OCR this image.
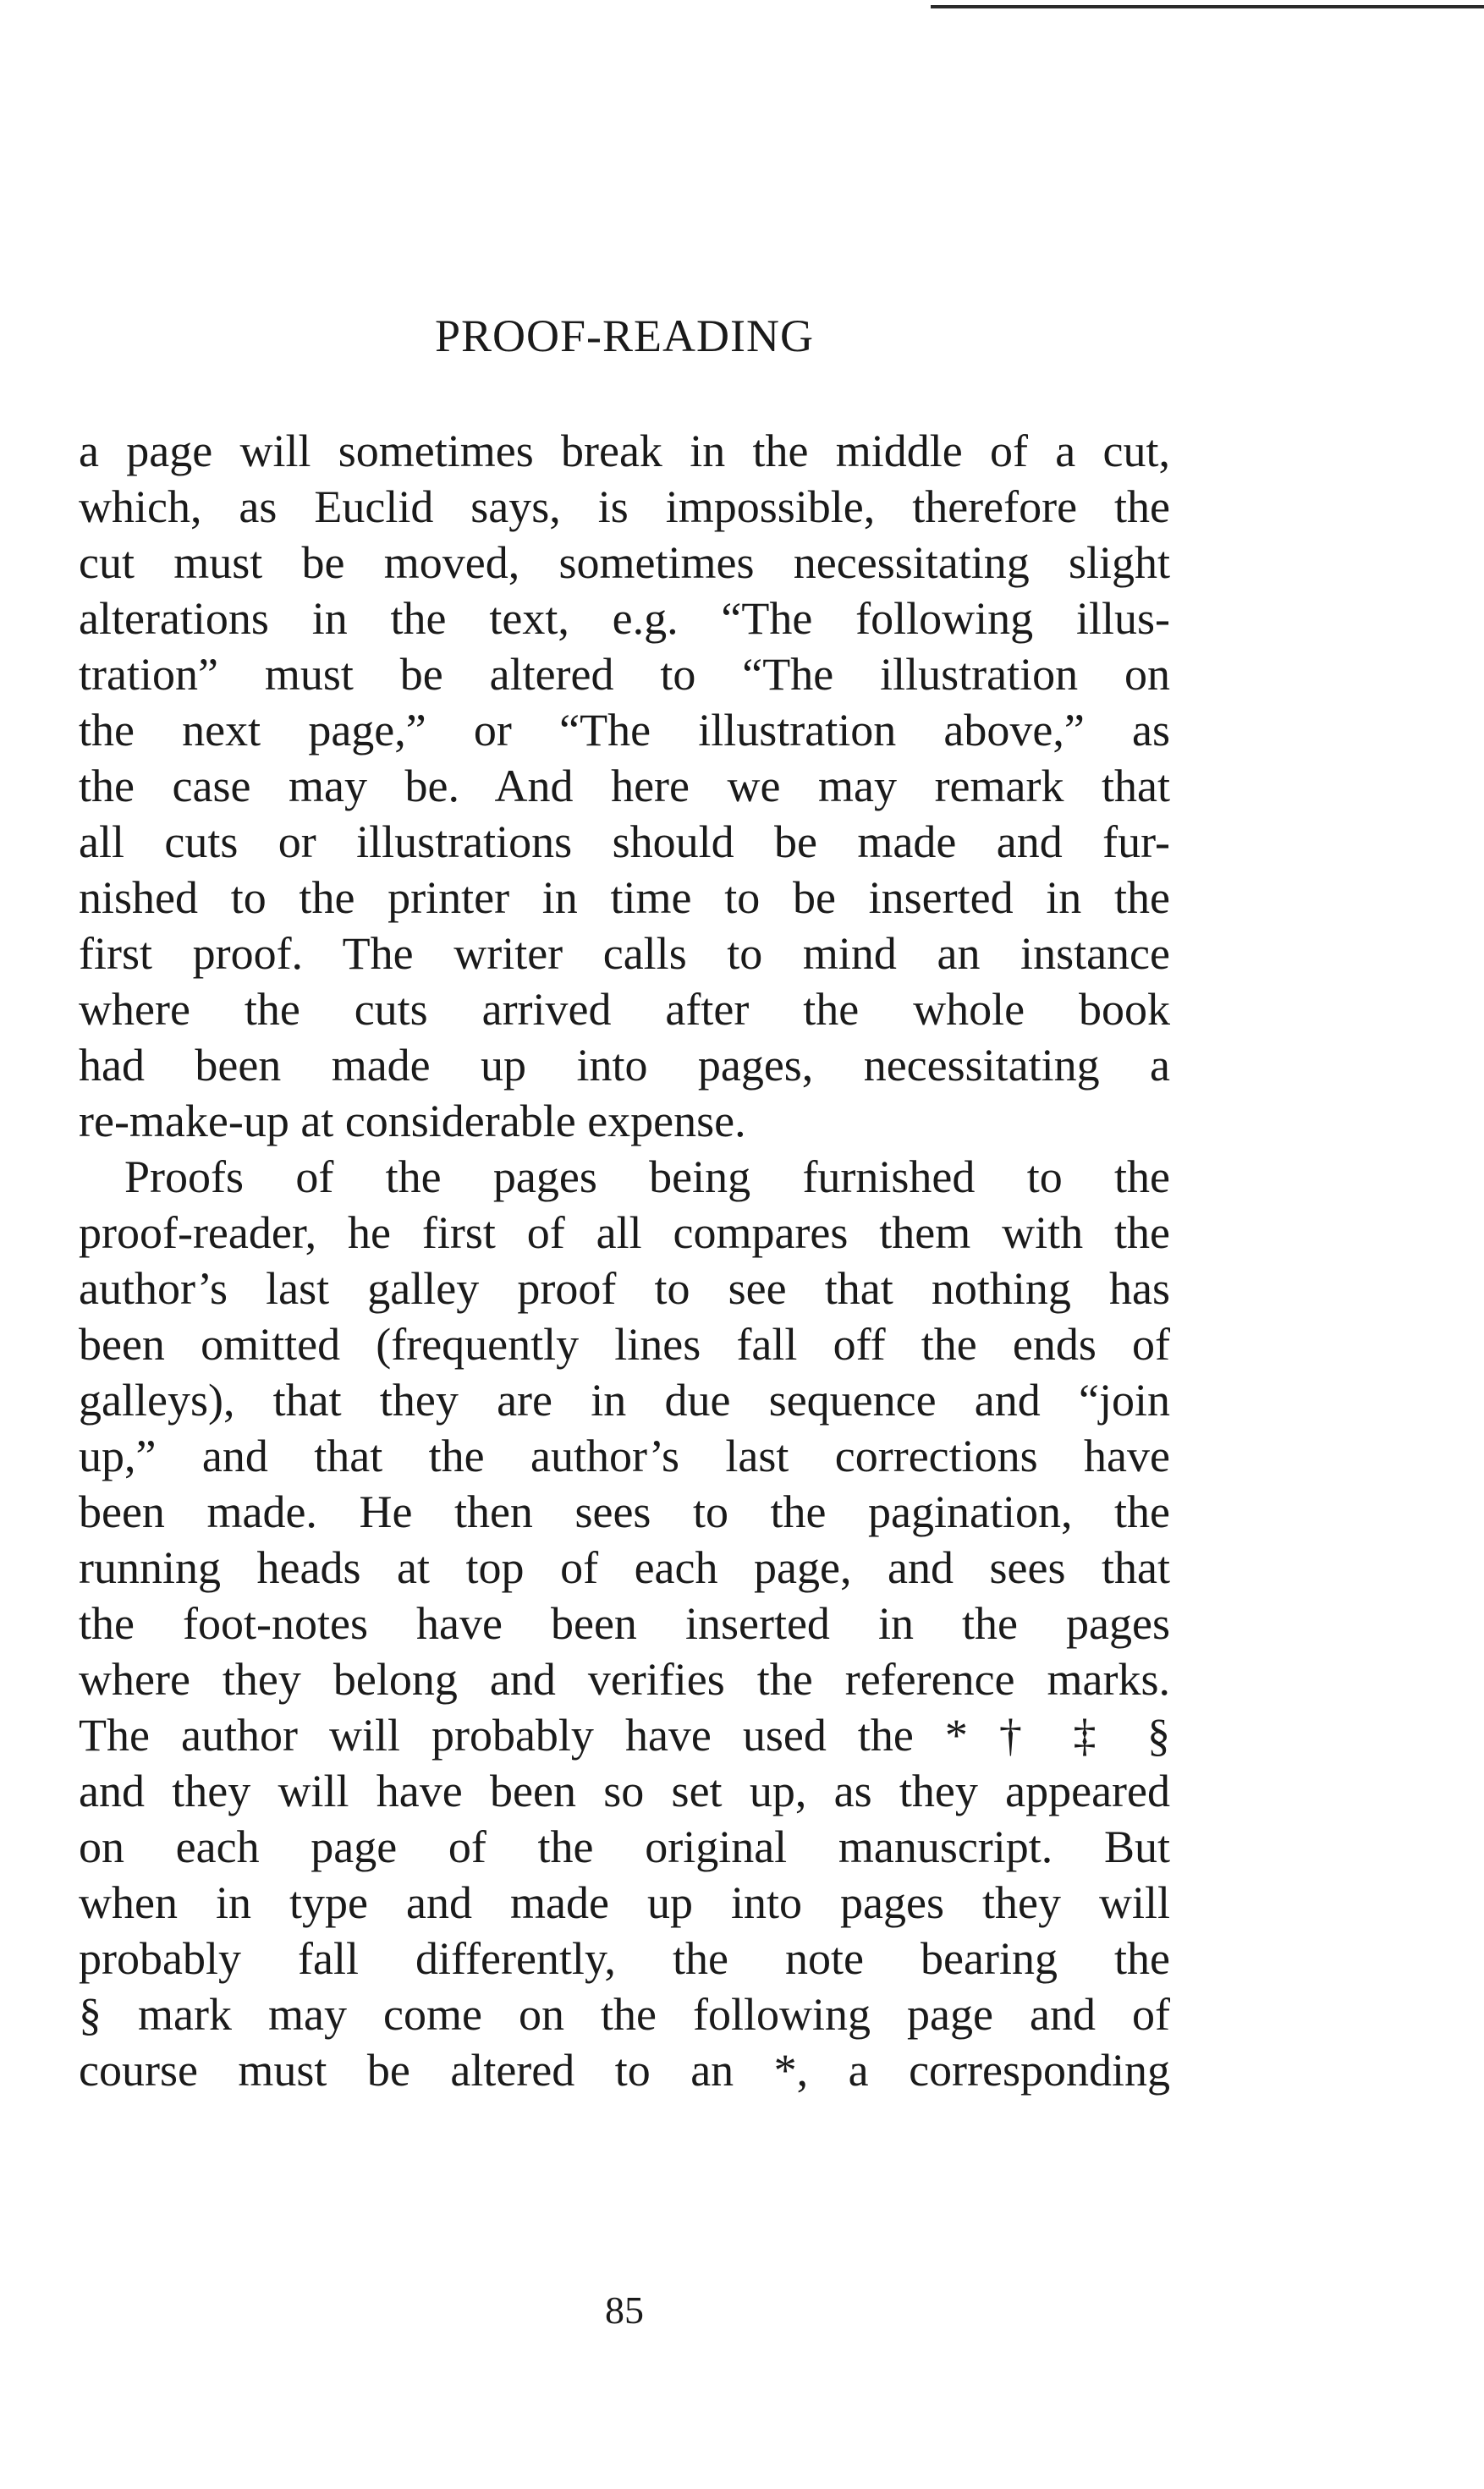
PROOF-READING
a page will sometimes break in the middle of a cut,
which, as Euclid says, is impossible, therefore the
cut must be moved, sometimes necessitating slight
alterations in the text, e.g. “The following illus-
tration” must be altered to “The illustration on
the next page,” or “The illustration above,” as
the case may be. And here we may remark that
all cuts or illustrations should be made and fur-
nished to the printer in time to be inserted in the
first proof. The writer calls to mind an instance
where the cuts arrived after the whole book
had been made up into pages, necessitating a
re-make-up at considerable expense.
Proofs of the pages being furnished to the
proof-reader, he first of all compares them with the
author’s last galley proof to see that nothing has
been omitted (frequently lines fall off the ends of
galleys), that they are in due sequence and “join
up,” and that the author’s last corrections have
been made. He then sees to the pagination, the
running heads at top of each page, and sees that
the foot-notes have been inserted in the pages
where they belong and verifies the reference marks.
The author will probably have used the * † ‡ §
and they will have been so set up, as they appeared
on each page of the original manuscript. But
when in type and made up into pages they will
probably fall differently, the note bearing the
§ mark may come on the following page and of
course must be altered to an *, a corresponding
85
